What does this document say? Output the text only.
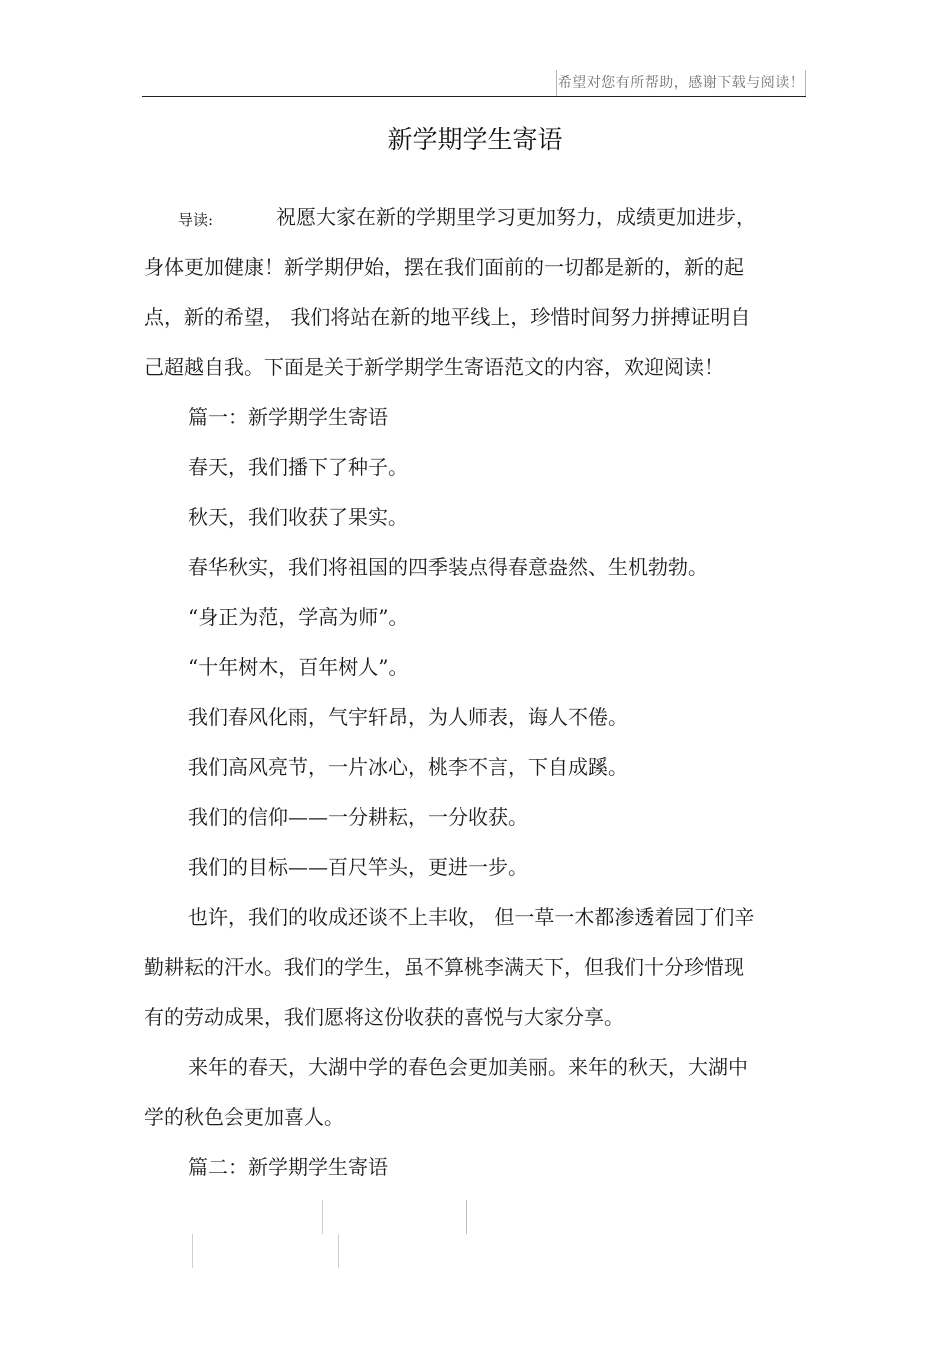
希望对您有所帮助，感谢下载与阅读！
新学期学生寄语
导读:	祝愿大家在新的学期里学习更加努力，成绩更加进步，
身体更加健康！新学期伊始，摆在我们面前的一切都是新的，新的起
点，新的希望， 我们将站在新的地平线上，珍惜时间努力拼搏证明自
己超越自我。下面是关于新学期学生寄语范文的内容，欢迎阅读！
篇一：新学期学生寄语
春天，我们播下了种子。
秋天，我们收获了果实。
春华秋实，我们将祖国的四季装点得春意盎然、生机勃勃。
“身正为范，学高为师”。
“十年树木，百年树人”。
我们春风化雨，气宇轩昂，为人师表，诲人不倦。
我们高风亮节，一片冰心，桃李不言，下自成蹊。
我们的信仰——一分耕耘，一分收获。
我们的目标——百尺竿头，更进一步。
也许，我们的收成还谈不上丰收， 但一草一木都渗透着园丁们辛
勤耕耘的汗水。我们的学生，虽不算桃李满天下，但我们十分珍惜现
有的劳动成果，我们愿将这份收获的喜悦与大家分享。
来年的春天，大湖中学的春色会更加美丽。来年的秋天，大湖中
学的秋色会更加喜人。
篇二：新学期学生寄语
